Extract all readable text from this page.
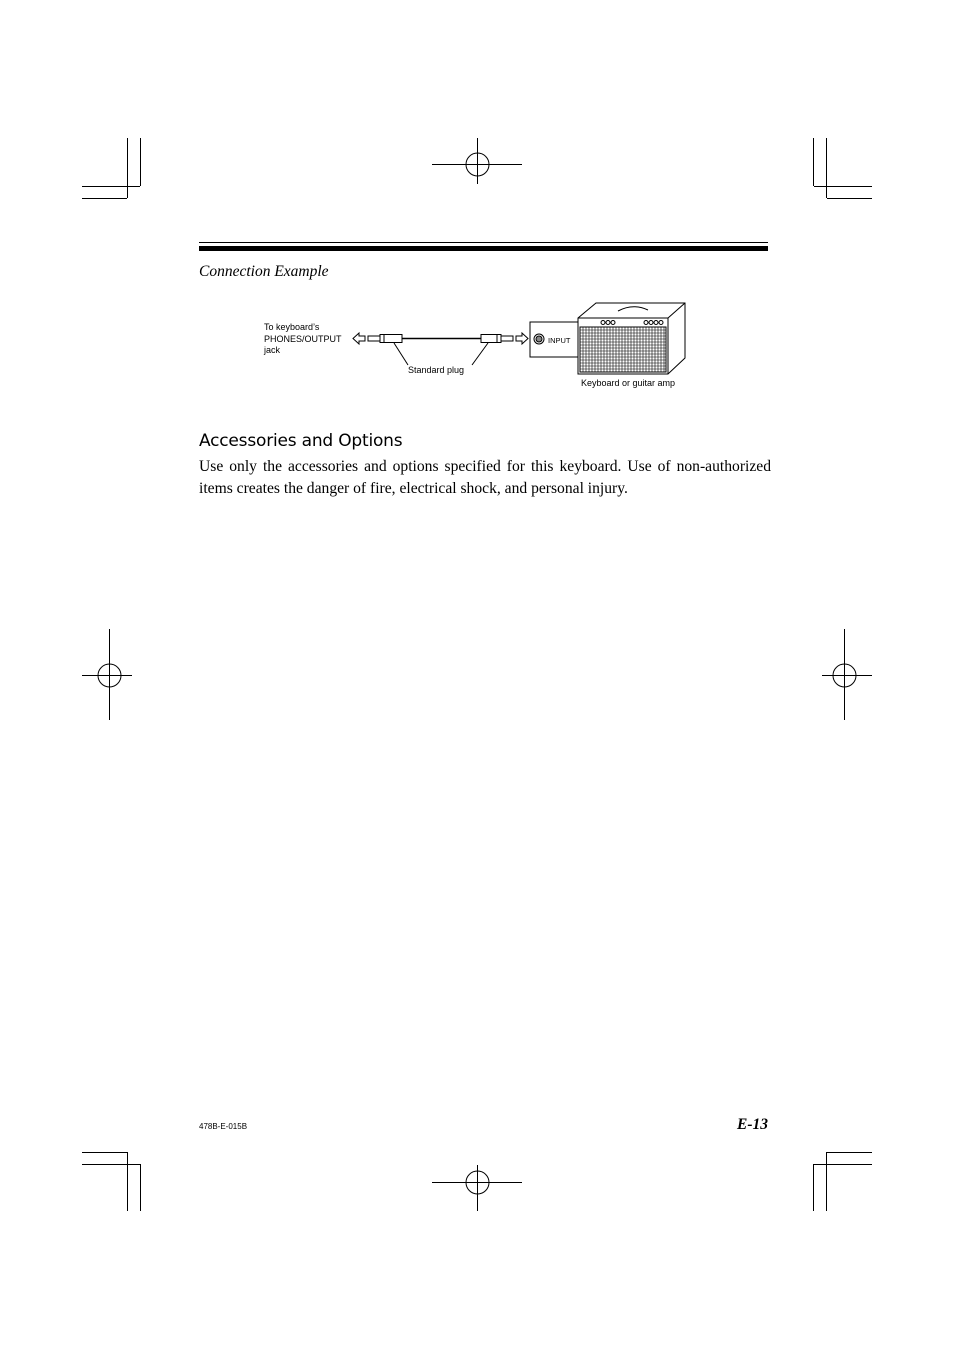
Connection Example
To keyboard’s
PHONES/OUTPUT
jack
Standard plug
INPUT
Keyboard or guitar amp
Accessories and Options
Use only the accessories and options specified for this keyboard. Use of non-authorized items creates the danger of fire, electrical shock, and personal injury.
478B-E-015B	E-13
